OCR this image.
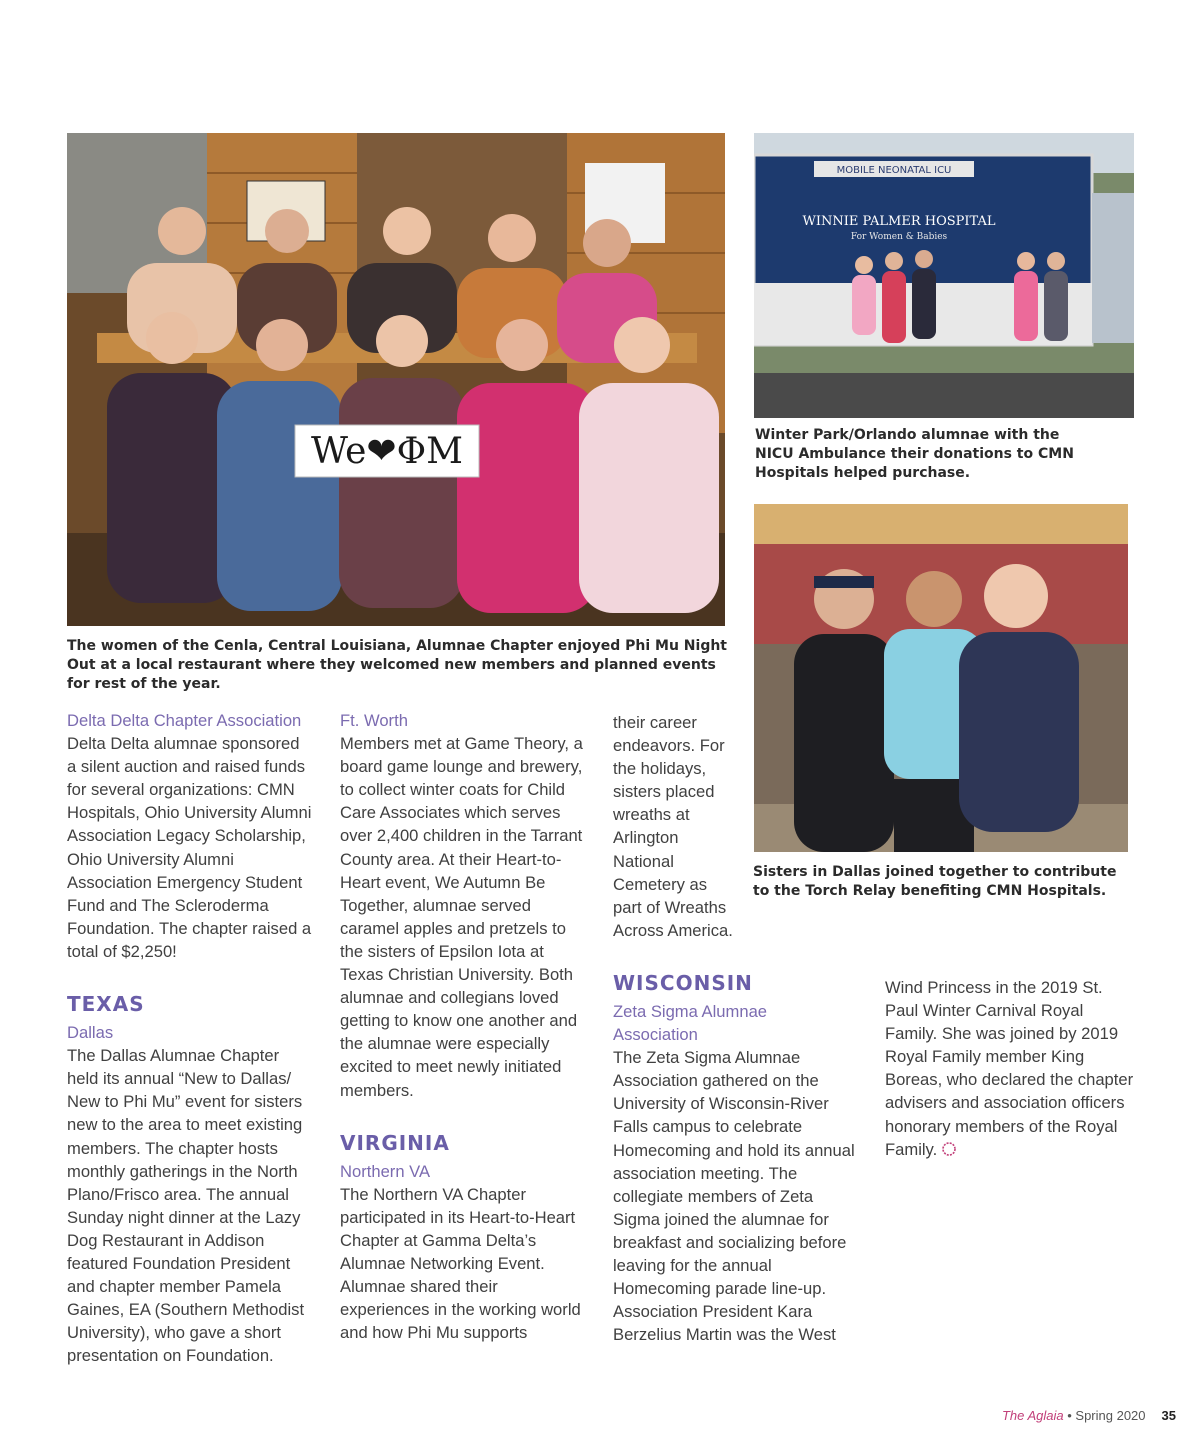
We❤ΦM

The women of the Cenla, Central Louisiana, Alumnae Chapter enjoyed Phi Mu Night Out at a local restaurant where they welcomed new members and planned events for rest of the year.

MOBILE NEONATAL ICU
WINNIE PALMER HOSPITAL
For Women & Babies

Winter Park/Orlando alumnae with the NICU Ambulance their donations to CMN Hospitals helped purchase.

Sisters in Dallas joined together to contribute to the Torch Relay benefiting CMN Hospitals.

Delta Delta Chapter Association

Delta Delta alumnae sponsored a silent auction and raised funds for several organizations: CMN Hospitals, Ohio University Alumni Association Legacy Scholarship, Ohio University Alumni Association Emergency Student Fund and The Scleroderma Foundation. The chapter raised a total of $2,250!

TEXAS

Dallas

The Dallas Alumnae Chapter held its annual “New to Dallas/ New to Phi Mu” event for sisters new to the area to meet existing members. The chapter hosts monthly gatherings in the North Plano/Frisco area. The annual Sunday night dinner at the Lazy Dog Restaurant in Addison featured Foundation President and chapter member Pamela Gaines, EA (Southern Methodist University), who gave a short presentation on Foundation.

Ft. Worth

Members met at Game Theory, a board game lounge and brewery, to collect winter coats for Child Care Associates which serves over 2,400 children in the Tarrant County area. At their Heart-to-Heart event, We Autumn Be Together, alumnae served caramel apples and pretzels to the sisters of Epsilon Iota at Texas Christian University. Both alumnae and collegians loved getting to know one another and the alumnae were especially excited to meet newly initiated members.

VIRGINIA

Northern VA

The Northern VA Chapter participated in its Heart-to-Heart Chapter at Gamma Delta’s Alumnae Networking Event. Alumnae shared their experiences in the working world and how Phi Mu supports

their career endeavors. For the holidays, sisters placed wreaths at Arlington National Cemetery as part of Wreaths Across America.

WISCONSIN

Zeta Sigma Alumnae Association

The Zeta Sigma Alumnae Association gathered on the University of Wisconsin-River Falls campus to celebrate Homecoming and hold its annual association meeting. The collegiate members of Zeta Sigma joined the alumnae for breakfast and socializing before leaving for the annual Homecoming parade line-up. Association President Kara Berzelius Martin was the West

Wind Princess in the 2019 St. Paul Winter Carnival Royal Family. She was joined by 2019 Royal Family member King Boreas, who declared the chapter advisers and association officers honorary members of the Royal Family.

The Aglaia • Spring 2020 35
